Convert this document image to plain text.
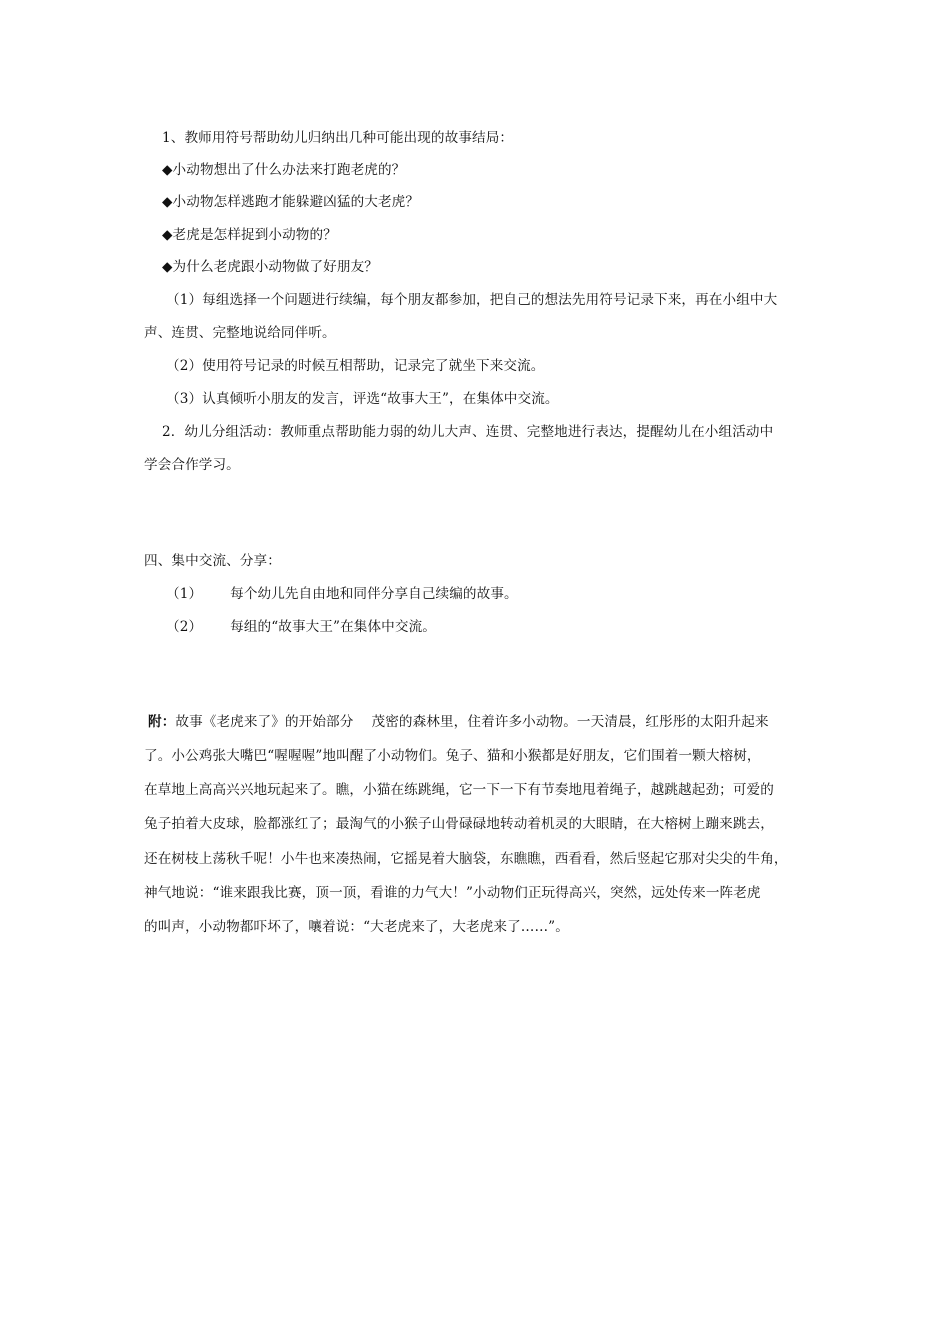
1、教师用符号帮助幼儿归纳出几种可能出现的故事结局：
◆小动物想出了什么办法来打跑老虎的？
◆小动物怎样逃跑才能躲避凶猛的大老虎？
◆老虎是怎样捉到小动物的？
◆为什么老虎跟小动物做了好朋友？
（1）每组选择一个问题进行续编，每个朋友都参加，把自己的想法先用符号记录下来，再在小组中大
声、连贯、完整地说给同伴听。
（2）使用符号记录的时候互相帮助，记录完了就坐下来交流。
（3）认真倾听小朋友的发言，评选“故事大王”，在集体中交流。
2．幼儿分组活动：教师重点帮助能力弱的幼儿大声、连贯、完整地进行表达，提醒幼儿在小组活动中
学会合作学习。
四、集中交流、分享：
（1） 每个幼儿先自由地和同伴分享自己续编的故事。
（2） 每组的“故事大王”在集体中交流。
附：故事《老虎来了》的开始部分　 茂密的森林里，住着许多小动物。一天清晨，红彤彤的太阳升起来
了。小公鸡张大嘴巴“喔喔喔”地叫醒了小动物们。兔子、猫和小猴都是好朋友，它们围着一颗大榕树，
在草地上高高兴兴地玩起来了。瞧，小猫在练跳绳，它一下一下有节奏地甩着绳子，越跳越起劲；可爱的
兔子拍着大皮球，脸都涨红了；最淘气的小猴子山骨碌碌地转动着机灵的大眼睛，在大榕树上蹦来跳去，
还在树枝上荡秋千呢！小牛也来凑热闹，它摇晃着大脑袋，东瞧瞧，西看看，然后竖起它那对尖尖的牛角，
神气地说：“谁来跟我比赛，顶一顶，看谁的力气大！”小动物们正玩得高兴，突然，远处传来一阵老虎
的叫声，小动物都吓坏了，嚷着说：“大老虎来了，大老虎来了……”。
